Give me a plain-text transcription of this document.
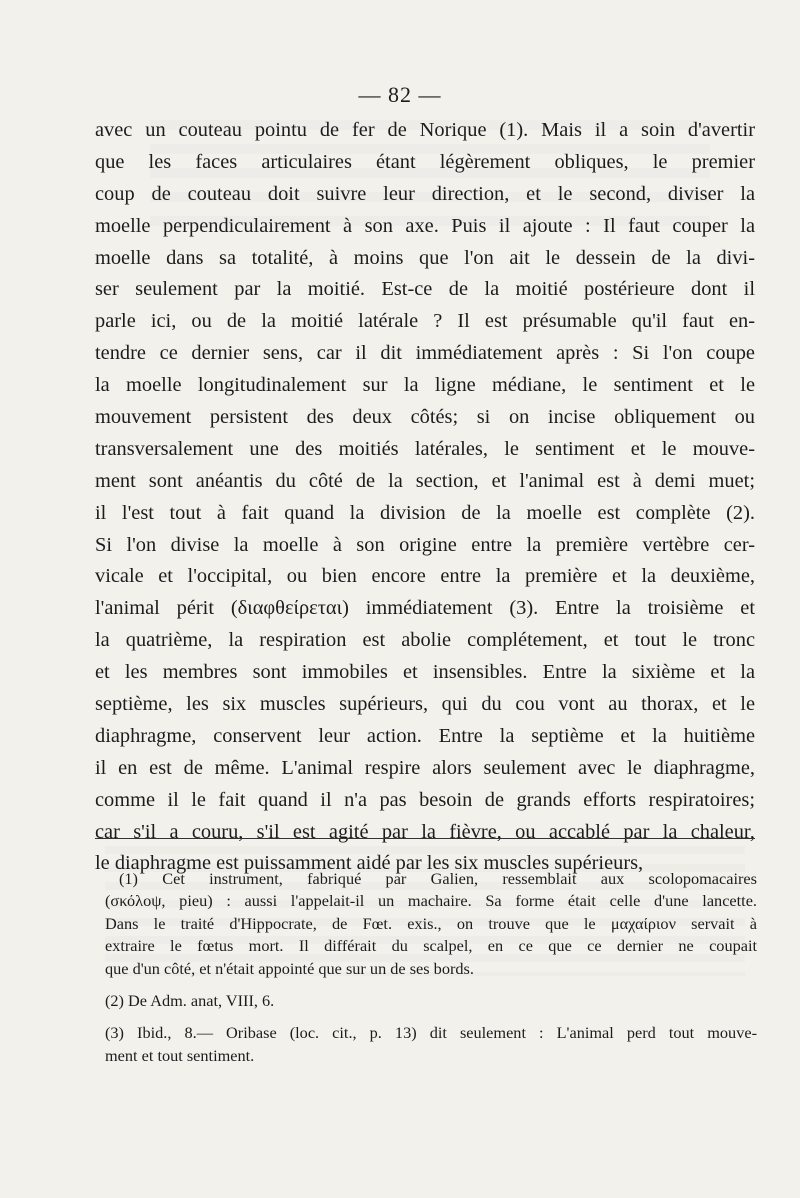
— 82 —
avec un couteau pointu de fer de Norique (1). Mais il a soin d'avertir
que les faces articulaires étant légèrement obliques, le premier
coup de couteau doit suivre leur direction, et le second, diviser la
moelle perpendiculairement à son axe. Puis il ajoute : Il faut couper la
moelle dans sa totalité, à moins que l'on ait le dessein de la divi-
ser seulement par la moitié. Est-ce de la moitié postérieure dont il
parle ici, ou de la moitié latérale ? Il est présumable qu'il faut en-
tendre ce dernier sens, car il dit immédiatement après : Si l'on coupe
la moelle longitudinalement sur la ligne médiane, le sentiment et le
mouvement persistent des deux côtés; si on incise obliquement ou
transversalement une des moitiés latérales, le sentiment et le mouve-
ment sont anéantis du côté de la section, et l'animal est à demi muet;
il l'est tout à fait quand la division de la moelle est complète (2).
Si l'on divise la moelle à son origine entre la première vertèbre cer-
vicale et l'occipital, ou bien encore entre la première et la deuxième,
l'animal périt (διαφθείρεται) immédiatement (3). Entre la troisième et
la quatrième, la respiration est abolie complétement, et tout le tronc
et les membres sont immobiles et insensibles. Entre la sixième et la
septième, les six muscles supérieurs, qui du cou vont au thorax, et le
diaphragme, conservent leur action. Entre la septième et la huitième
il en est de même. L'animal respire alors seulement avec le diaphragme,
comme il le fait quand il n'a pas besoin de grands efforts respiratoires;
car s'il a couru, s'il est agité par la fièvre, ou accablé par la chaleur,
le diaphragme est puissamment aidé par les six muscles supérieurs,
(1) Cet instrument, fabriqué par Galien, ressemblait aux scolopomacaires
(σκόλοψ, pieu) : aussi l'appelait-il un machaire. Sa forme était celle d'une lancette.
Dans le traité d'Hippocrate, de Fœt. exis., on trouve que le μαχαίριον servait à
extraire le fœtus mort. Il différait du scalpel, en ce que ce dernier ne coupait
que d'un côté, et n'était appointé que sur un de ses bords.
(2) De Adm. anat, VIII, 6.
(3) Ibid., 8.— Oribase (loc. cit., p. 13) dit seulement : L'animal perd tout mouve-
ment et tout sentiment.
